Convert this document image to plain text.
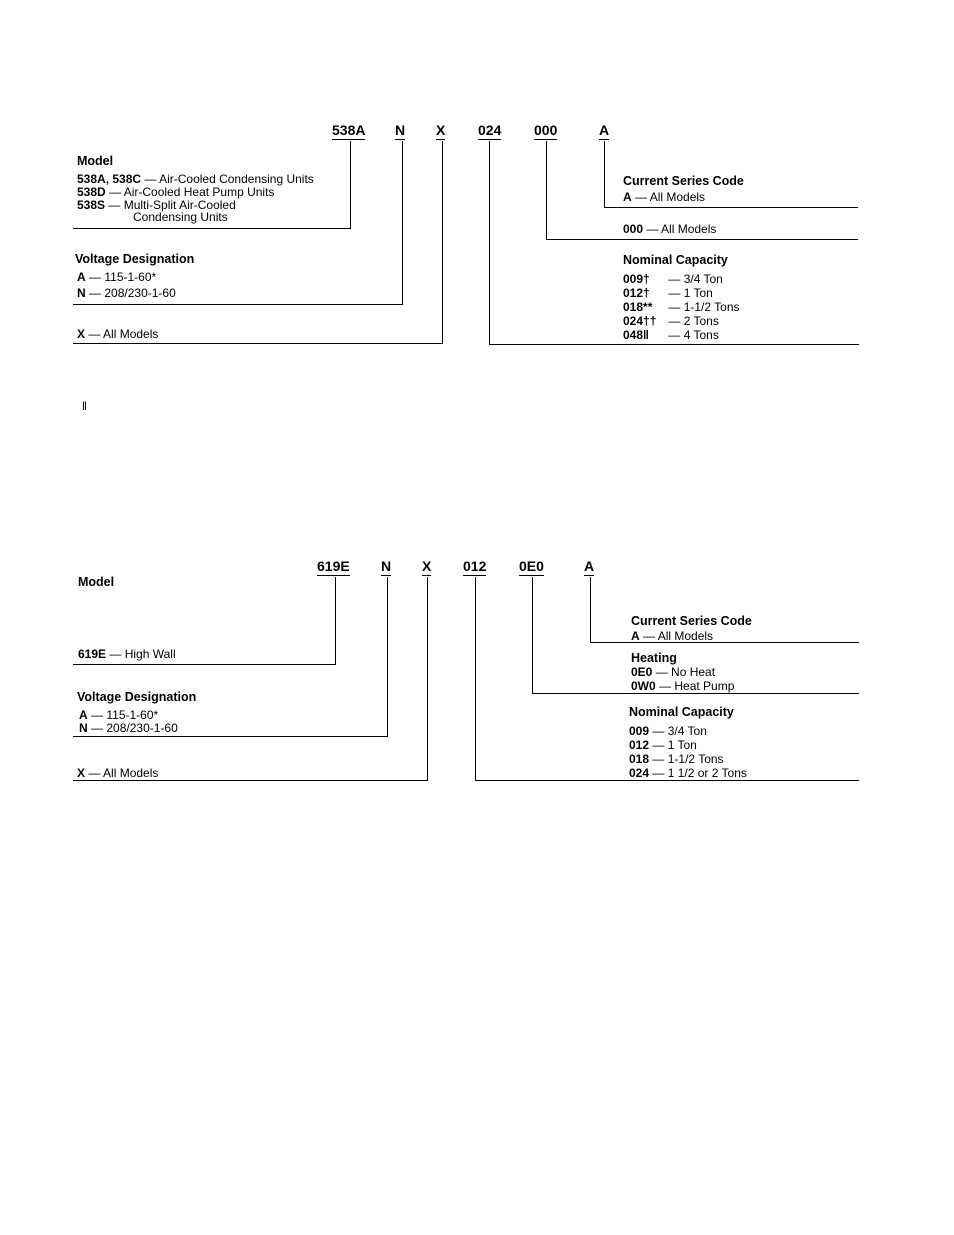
538A N X 024 000	A
Model
538A, 538C — Air-Cooled Condensing Units
538D — Air-Cooled Heat Pump Units
538S — Multi-Split Air-Cooled
Condensing Units
Voltage Designation
A — 115-1-60*
N — 208/230-1-60
X — All Models
Current Series Code
A — All Models
000 — All Models
Nominal Capacity
009† — 3/4 Ton
012† — 1 Ton
018** — 1-1/2 Tons
024†† — 2 Tons
048‖ — 4 Tons
‖
619E N X 012 0E0	A
Model
619E — High Wall
Voltage Designation
A — 115-1-60*
N — 208/230-1-60
X — All Models
Current Series Code
A — All Models
Heating
0E0 — No Heat
0W0 — Heat Pump
Nominal Capacity
009 — 3/4 Ton
012 — 1 Ton
018 — 1-1/2 Tons
024 — 1 1/2 or 2 Tons
